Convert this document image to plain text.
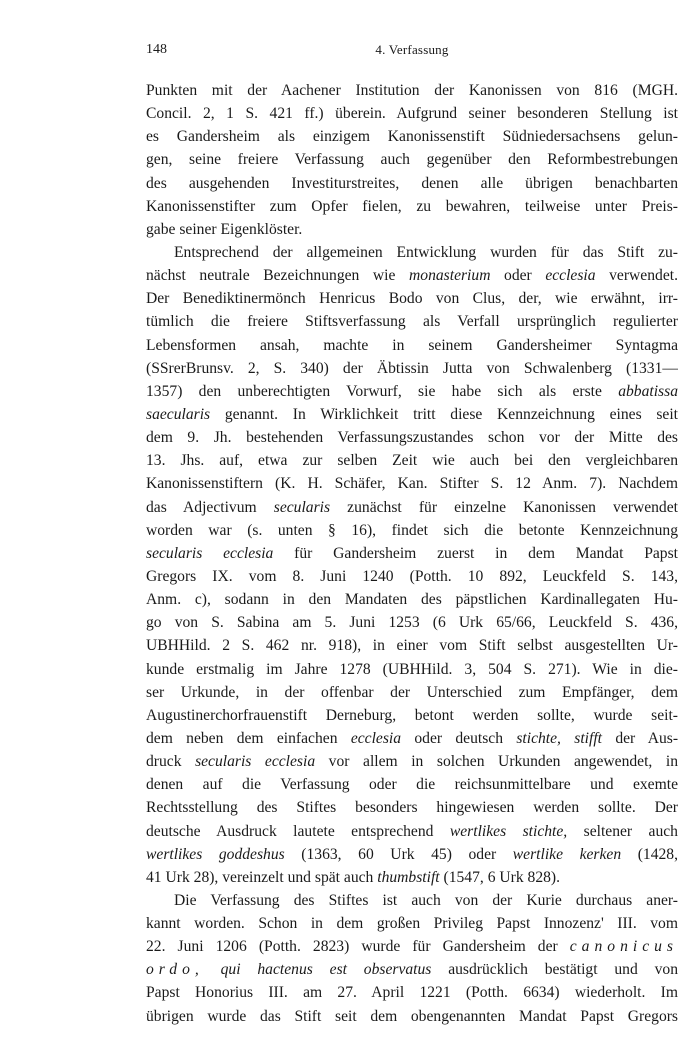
148	4. Verfassung
Punkten mit der Aachener Institution der Kanonissen von 816 (MGH.
Concil. 2, 1 S. 421 ff.) überein. Aufgrund seiner besonderen Stellung ist
es Gandersheim als einzigem Kanonissenstift Südniedersachsens gelun-
gen, seine freiere Verfassung auch gegenüber den Reformbestrebungen
des ausgehenden Investiturstreites, denen alle übrigen benachbarten
Kanonissenstifter zum Opfer fielen, zu bewahren, teilweise unter Preis-
gabe seiner Eigenklöster.
Entsprechend der allgemeinen Entwicklung wurden für das Stift zu-
nächst neutrale Bezeichnungen wie monasterium oder ecclesia verwendet.
Der Benediktinermönch Henricus Bodo von Clus, der, wie erwähnt, irr-
tümlich die freiere Stiftsverfassung als Verfall ursprünglich regulierter
Lebensformen ansah, machte in seinem Gandersheimer Syntagma
(SSrerBrunsv. 2, S. 340) der Äbtissin Jutta von Schwalenberg (1331—
1357) den unberechtigten Vorwurf, sie habe sich als erste abbatissa
saecularis genannt. In Wirklichkeit tritt diese Kennzeichnung eines seit
dem 9. Jh. bestehenden Verfassungszustandes schon vor der Mitte des
13. Jhs. auf, etwa zur selben Zeit wie auch bei den vergleichbaren
Kanonissenstiftern (K. H. Schäfer, Kan. Stifter S. 12 Anm. 7). Nachdem
das Adjectivum secularis zunächst für einzelne Kanonissen verwendet
worden war (s. unten § 16), findet sich die betonte Kennzeichnung
secularis ecclesia für Gandersheim zuerst in dem Mandat Papst
Gregors IX. vom 8. Juni 1240 (Potth. 10 892, Leuckfeld S. 143,
Anm. c), sodann in den Mandaten des päpstlichen Kardinallegaten Hu-
go von S. Sabina am 5. Juni 1253 (6 Urk 65/66, Leuckfeld S. 436,
UBHHild. 2 S. 462 nr. 918), in einer vom Stift selbst ausgestellten Ur-
kunde erstmalig im Jahre 1278 (UBHHild. 3, 504 S. 271). Wie in die-
ser Urkunde, in der offenbar der Unterschied zum Empfänger, dem
Augustinerchorfrauenstift Derneburg, betont werden sollte, wurde seit-
dem neben dem einfachen ecclesia oder deutsch stichte, stifft der Aus-
druck secularis ecclesia vor allem in solchen Urkunden angewendet, in
denen auf die Verfassung oder die reichsunmittelbare und exemte
Rechtsstellung des Stiftes besonders hingewiesen werden sollte. Der
deutsche Ausdruck lautete entsprechend wertlikes stichte, seltener auch
wertlikes goddeshus (1363, 60 Urk 45) oder wertlike kerken (1428,
41 Urk 28), vereinzelt und spät auch thumbstift (1547, 6 Urk 828).
Die Verfassung des Stiftes ist auch von der Kurie durchaus aner-
kannt worden. Schon in dem großen Privileg Papst Innozenz' III. vom
22. Juni 1206 (Potth. 2823) wurde für Gandersheim der canonicus
ordo, qui hactenus est observatus ausdrücklich bestätigt und von
Papst Honorius III. am 27. April 1221 (Potth. 6634) wiederholt. Im
übrigen wurde das Stift seit dem obengenannten Mandat Papst Gregors
